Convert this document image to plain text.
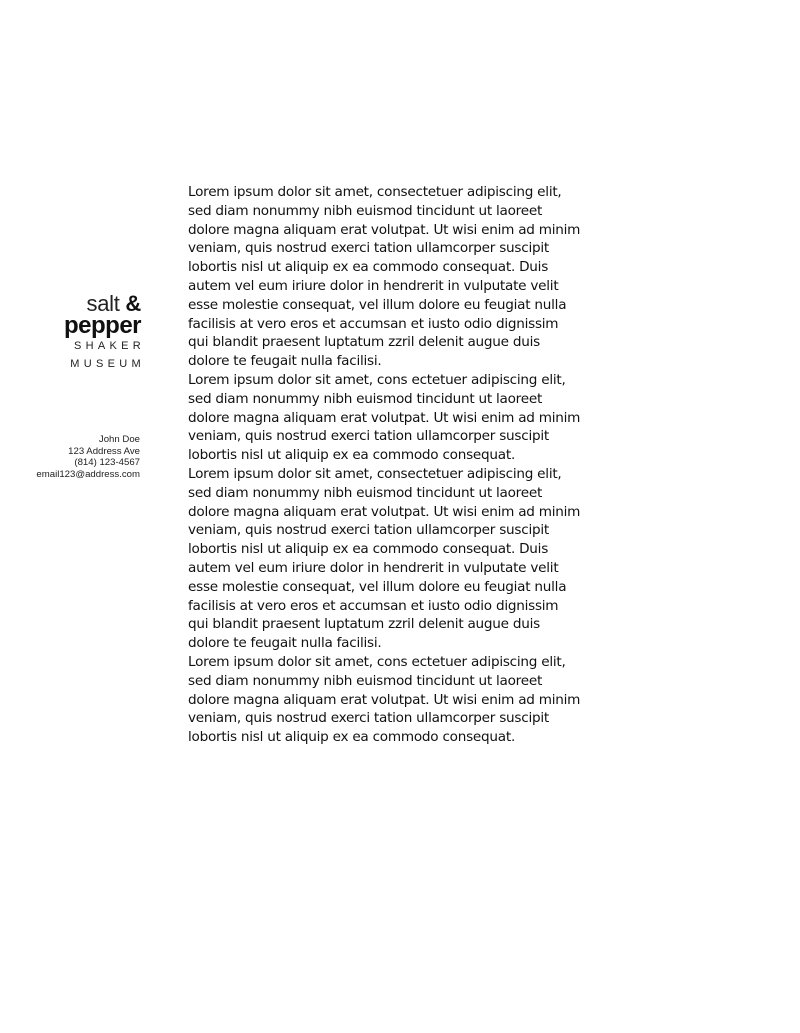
salt &
pepper
SHAKER
MUSEUM
John Doe
123 Address Ave
(814) 123-4567
email123@address.com

Lorem ipsum dolor sit amet, consectetuer adipiscing elit,
sed diam nonummy nibh euismod tincidunt ut laoreet
dolore magna aliquam erat volutpat. Ut wisi enim ad minim
veniam, quis nostrud exerci tation ullamcorper suscipit
lobortis nisl ut aliquip ex ea commodo consequat. Duis
autem vel eum iriure dolor in hendrerit in vulputate velit
esse molestie consequat, vel illum dolore eu feugiat nulla
facilisis at vero eros et accumsan et iusto odio dignissim
qui blandit praesent luptatum zzril delenit augue duis
dolore te feugait nulla facilisi.

Lorem ipsum dolor sit amet, cons ectetuer adipiscing elit,
sed diam nonummy nibh euismod tincidunt ut laoreet
dolore magna aliquam erat volutpat. Ut wisi enim ad minim
veniam, quis nostrud exerci tation ullamcorper suscipit
lobortis nisl ut aliquip ex ea commodo consequat.

Lorem ipsum dolor sit amet, consectetuer adipiscing elit,
sed diam nonummy nibh euismod tincidunt ut laoreet
dolore magna aliquam erat volutpat. Ut wisi enim ad minim
veniam, quis nostrud exerci tation ullamcorper suscipit
lobortis nisl ut aliquip ex ea commodo consequat. Duis
autem vel eum iriure dolor in hendrerit in vulputate velit
esse molestie consequat, vel illum dolore eu feugiat nulla
facilisis at vero eros et accumsan et iusto odio dignissim
qui blandit praesent luptatum zzril delenit augue duis
dolore te feugait nulla facilisi.

Lorem ipsum dolor sit amet, cons ectetuer adipiscing elit,
sed diam nonummy nibh euismod tincidunt ut laoreet
dolore magna aliquam erat volutpat. Ut wisi enim ad minim
veniam, quis nostrud exerci tation ullamcorper suscipit
lobortis nisl ut aliquip ex ea commodo consequat.
